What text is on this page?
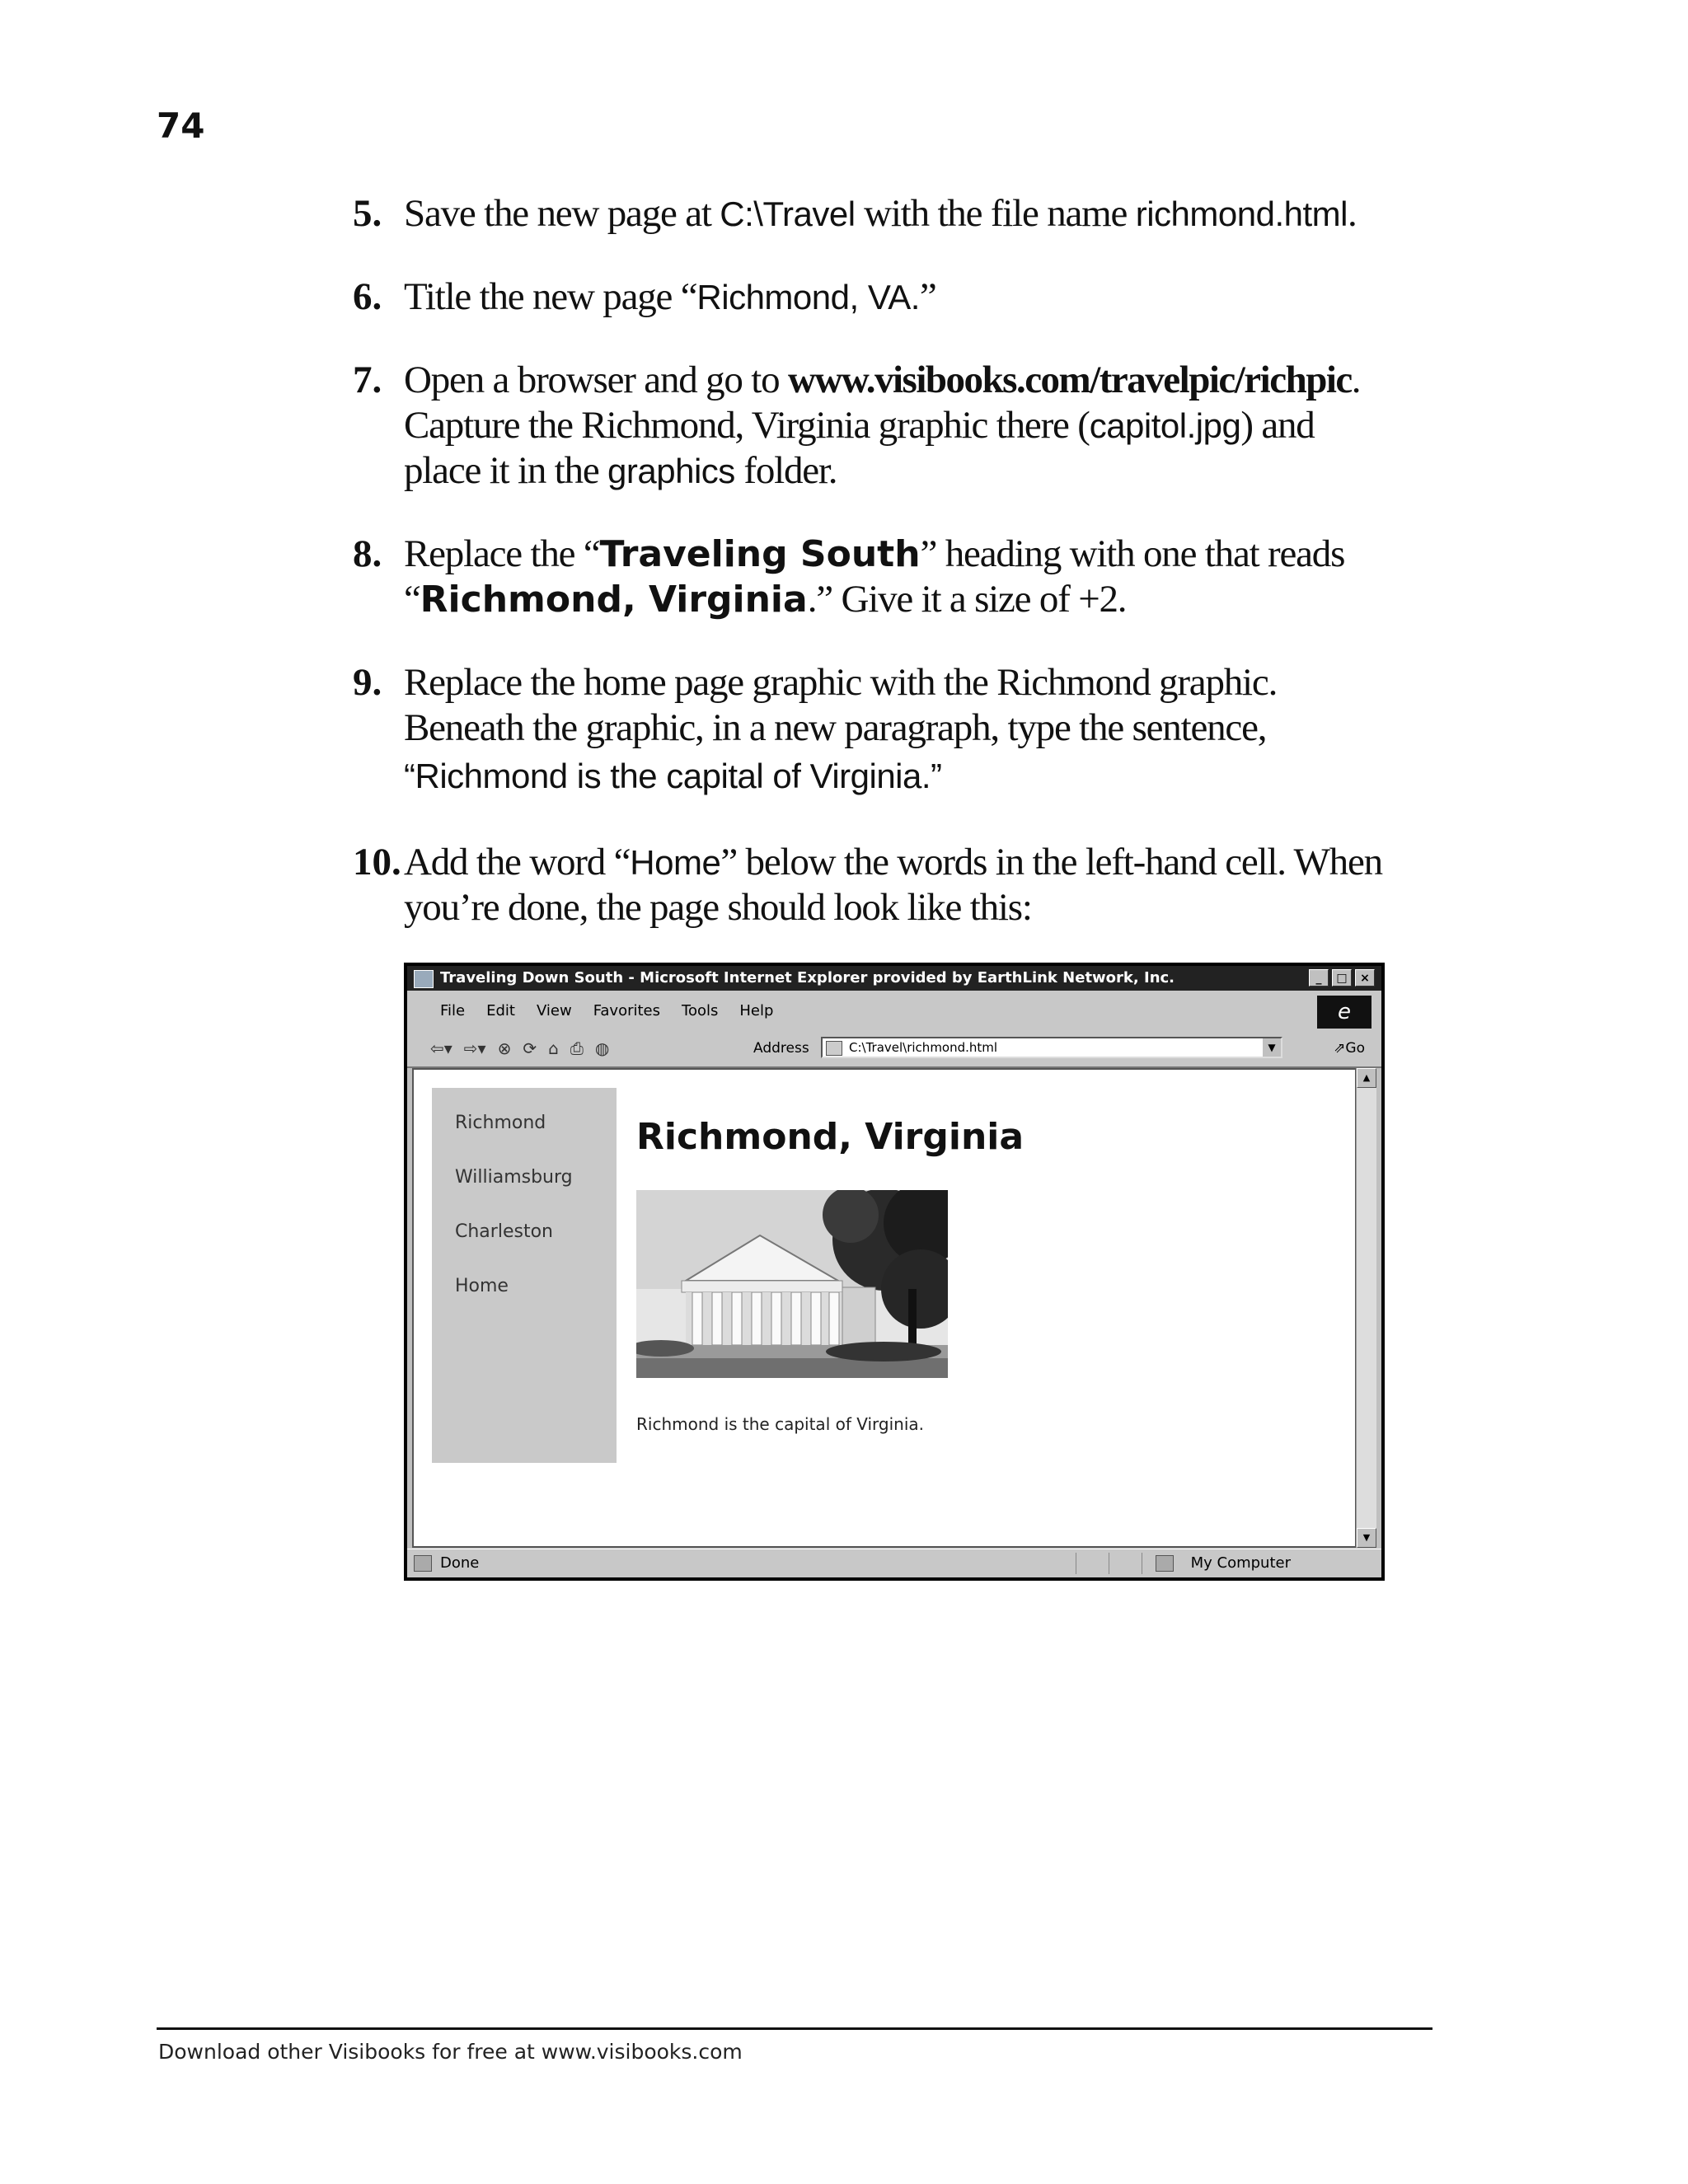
74
5. Save the new page at C:\Travel with the file name richmond.html.
6. Title the new page “Richmond, VA.”
7. Open a browser and go to www.visibooks.com/travelpic/richpic.
Capture the Richmond, Virginia graphic there (capitol.jpg) and
place it in the graphics folder.
8. Replace the “Traveling South” heading with one that reads
“Richmond, Virginia.” Give it a size of +2.
9. Replace the home page graphic with the Richmond graphic.
Beneath the graphic, in a new paragraph, type the sentence,
“Richmond is the capital of Virginia.”
10. Add the word “Home” below the words in the left-hand cell. When
you’re done, the page should look like this:
Traveling Down South - Microsoft Internet Explorer provided by EarthLink Network, Inc.	_	□	×
File Edit View Favorites Tools Help	e
⇦▾ ⇨▾ ⊗ ⟳ ⌂ ⎙ ◍	Address	C:\Travel\richmond.html	▼	⇗Go
Richmond
Williamsburg
Charleston
Home
Richmond, Virginia
Richmond is the capital of Virginia.
▲
▼
Done	My Computer
Download other Visibooks for free at www.visibooks.com
